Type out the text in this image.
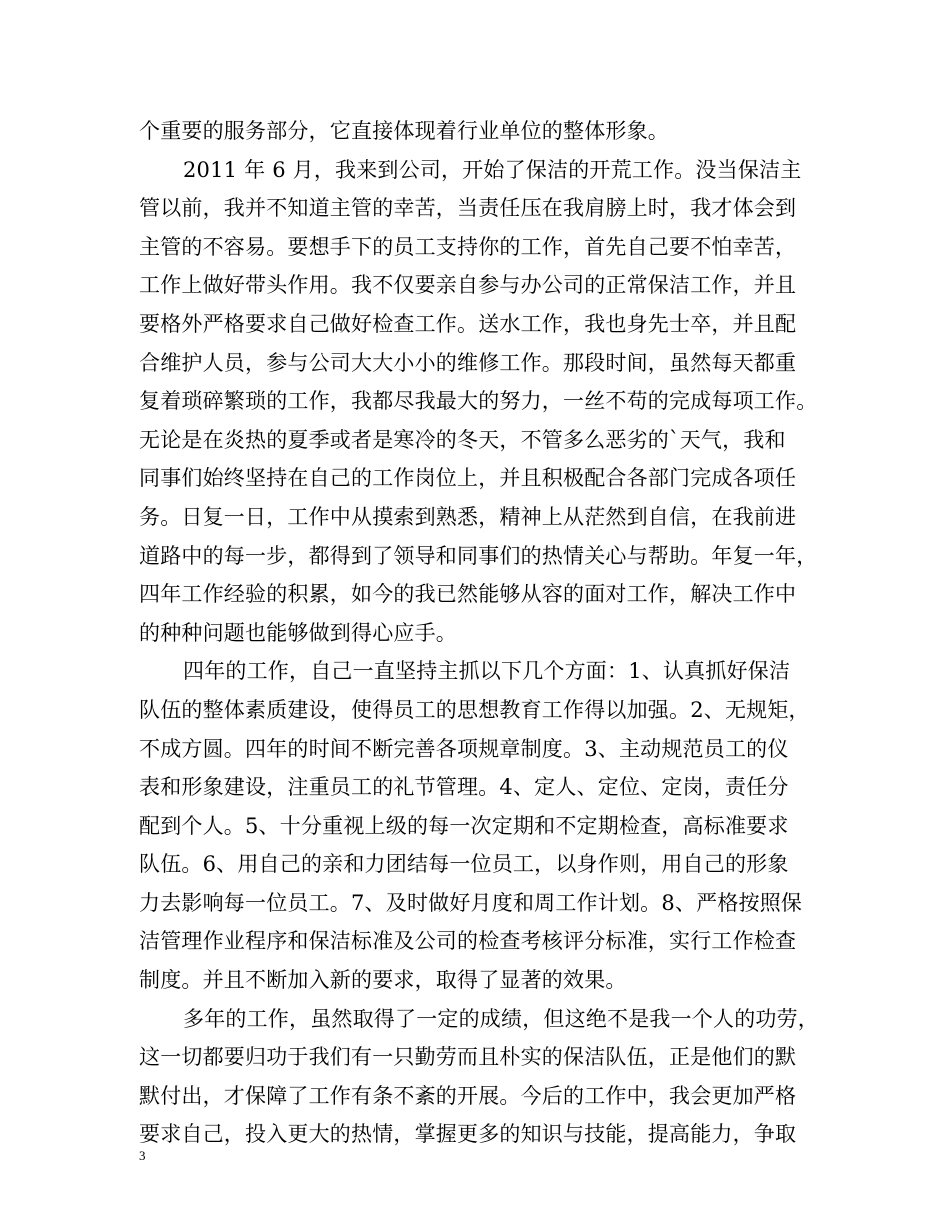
个重要的服务部分，它直接体现着行业单位的整体形象。
2011 年 6 月，我来到公司，开始了保洁的开荒工作。没当保洁主
管以前，我并不知道主管的幸苦，当责任压在我肩膀上时，我才体会到
主管的不容易。要想手下的员工支持你的工作，首先自己要不怕幸苦，
工作上做好带头作用。我不仅要亲自参与办公司的正常保洁工作，并且
要格外严格要求自己做好检查工作。送水工作，我也身先士卒，并且配
合维护人员，参与公司大大小小的维修工作。那段时间，虽然每天都重
复着琐碎繁琐的工作，我都尽我最大的努力，一丝不苟的完成每项工作。
无论是在炎热的夏季或者是寒冷的冬天，不管多么恶劣的`天气，我和
同事们始终坚持在自己的工作岗位上，并且积极配合各部门完成各项任
务。日复一日，工作中从摸索到熟悉，精神上从茫然到自信，在我前进
道路中的每一步，都得到了领导和同事们的热情关心与帮助。年复一年，
四年工作经验的积累，如今的我已然能够从容的面对工作，解决工作中
的种种问题也能够做到得心应手。
四年的工作，自己一直坚持主抓以下几个方面：1、认真抓好保洁
队伍的整体素质建设，使得员工的思想教育工作得以加强。2、无规矩，
不成方圆。四年的时间不断完善各项规章制度。3、主动规范员工的仪
表和形象建设，注重员工的礼节管理。4、定人、定位、定岗，责任分
配到个人。5、十分重视上级的每一次定期和不定期检查，高标准要求
队伍。6、用自己的亲和力团结每一位员工，以身作则，用自己的形象
力去影响每一位员工。7、及时做好月度和周工作计划。8、严格按照保
洁管理作业程序和保洁标准及公司的检查考核评分标准，实行工作检查
制度。并且不断加入新的要求，取得了显著的效果。
多年的工作，虽然取得了一定的成绩，但这绝不是我一个人的功劳，
这一切都要归功于我们有一只勤劳而且朴实的保洁队伍，正是他们的默
默付出，才保障了工作有条不紊的开展。今后的工作中，我会更加严格
要求自己，投入更大的热情，掌握更多的知识与技能，提高能力，争取
3
